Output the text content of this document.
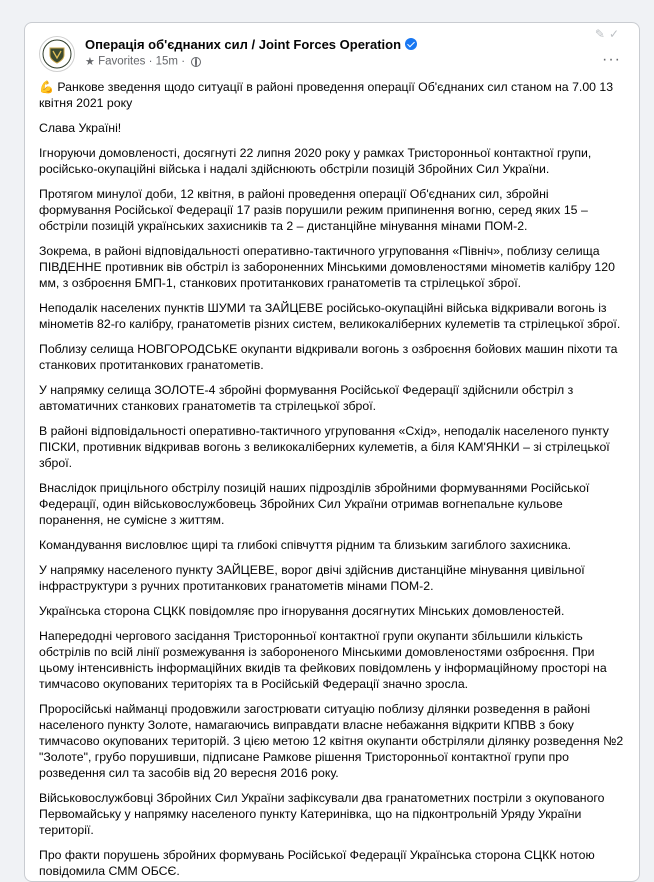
Операція об'єднаних сил / Joint Forces Operation
★ Favorites · 15m ·
✎✓
···

💪 Ранкове зведення щодо ситуації в районі проведення операції Об'єднаних сил станом на 7.00 13 квітня 2021 року

Слава Україні!

Ігноруючи домовленості, досягнуті 22 липня 2020 року у рамках Тристоронньої контактної групи, російсько-окупаційні війська і надалі здійснюють обстріли позицій Збройних Сил України.

Протягом минулої доби, 12 квітня, в районі проведення операції Об'єднаних сил, збройні формування Російської Федерації 17 разів порушили режим припинення вогню, серед яких 15 – обстріли позицій українських захисників та 2 – дистанційне мінування мінами ПОМ-2.

Зокрема, в районі відповідальності оперативно-тактичного угруповання «Північ», поблизу селища ПІВДЕННЕ противник вів обстріл із забороненних Мінськими домовленостями мінометів калібру 120 мм, з озброєння БМП-1, станкових протитанкових гранатометів та стрілецької зброї.

Неподалік населених пунктів ШУМИ та ЗАЙЦЕВЕ російсько-окупаційні війська відкривали вогонь із мінометів 82-го калібру, гранатометів різних систем, великокаліберних кулеметів та стрілецької зброї.

Поблизу селища НОВГОРОДСЬКЕ окупанти відкривали вогонь з озброєння бойових машин піхоти та станкових протитанкових гранатометів.

У напрямку селища ЗОЛОТЕ-4 збройні формування Російської Федерації здійснили обстріл з автоматичних станкових гранатометів та стрілецької зброї.

В районі відповідальності оперативно-тактичного угруповання «Схід», неподалік населеного пункту ПІСКИ, противник відкривав вогонь з великокаліберних кулеметів, а біля КАМ'ЯНКИ – зі стрілецької зброї.

Внаслідок прицільного обстрілу позицій наших підрозділів збройними формуваннями Російської Федерації, один військовослужбовець Збройних Сил України отримав вогнепальне кульове поранення, не сумісне з життям.

Командування висловлює щирі та глибокі співчуття рідним та близьким загиблого захисника.

У напрямку населеного пункту ЗАЙЦЕВЕ, ворог двічі здійснив дистанційне мінування цивільної інфраструктури з ручних протитанкових гранатометів мінами ПОМ-2.

Українська сторона СЦКК повідомляє про ігнорування досягнутих Мінських домовленостей.

Напередодні чергового засідання Тристоронньої контактної групи окупанти збільшили кількість обстрілів по всій лінії розмежування із забороненого Мінськими домовленостями озброєння. При цьому інтенсивність інформаційних вкидів та фейкових повідомлень у інформаційному просторі на тимчасово окупованих територіях та в Російській Федерації значно зросла.

Проросійські найманці продовжили загострювати ситуацію поблизу ділянки розведення в районі населеного пункту Золоте, намагаючись виправдати власне небажання відкрити КПВВ з боку тимчасово окупованих територій. З цією метою 12 квітня окупанти обстріляли ділянку розведення №2 "Золоте", грубо порушивши, підписане Рамкове рішення Тристоронньої контактної групи про розведення сил та засобів від 20 вересня 2016 року.

Військовослужбовці Збройних Сил України зафіксували два гранатометних постріли з окупованого Первомайську у напрямку населеного пункту Катеринівка, що на підконтрольній Уряду України території.

Про факти порушень збройних формувань Російської Федерації Українська сторона СЦКК нотою повідомила СММ ОБСЄ.
